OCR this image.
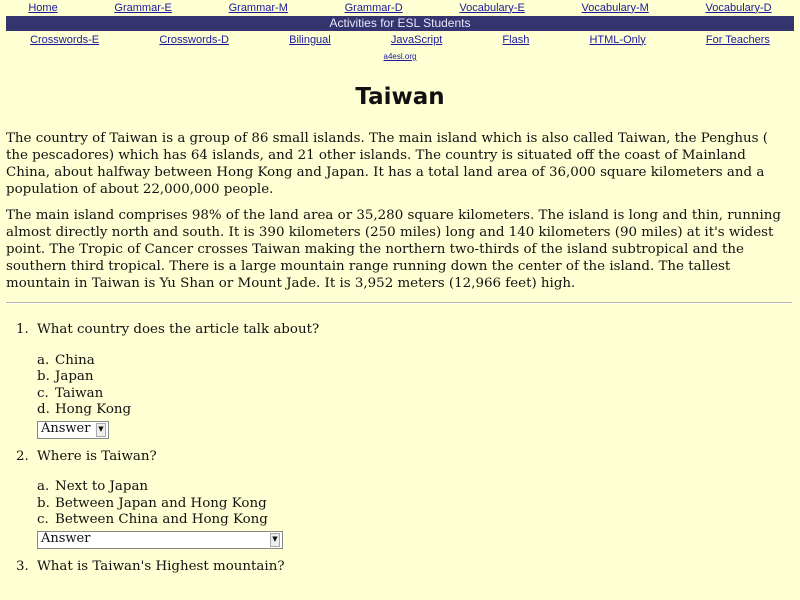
Home	Grammar-E	Grammar-M	Grammar-D	Vocabulary-E	Vocabulary-M	Vocabulary-D
Activities for ESL Students
Crosswords-E	Crosswords-D	Bilingual	JavaScript	Flash	HTML-Only	For Teachers
a4esl.org
Taiwan

The country of Taiwan is a group of 86 small islands. The main island which is also called Taiwan, the Penghus ( the pescadores) which has 64 islands, and 21 other islands. The country is situated off the coast of Mainland China, about halfway between Hong Kong and Japan. It has a total land area of 36,000 square kilometers and a population of about 22,000,000 people.

The main island comprises 98% of the land area or 35,280 square kilometers. The island is long and thin, running almost directly north and south. It is 390 kilometers (250 miles) long and 140 kilometers (90 miles) at it's widest point. The Tropic of Cancer crosses Taiwan making the northern two-thirds of the island subtropical and the southern third tropical. There is a large mountain range running down the center of the island. The tallest mountain in Taiwan is Yu Shan or Mount Jade. It is 3,952 meters (12,966 feet) high.

1. What country does the article talk about?
a. China
b. Japan
c. Taiwan
d. Hong Kong
Answer	▼
2. Where is Taiwan?
a. Next to Japan
b. Between Japan and Hong Kong
c. Between China and Hong Kong
Answer	▼
3. What is Taiwan's Highest mountain?
